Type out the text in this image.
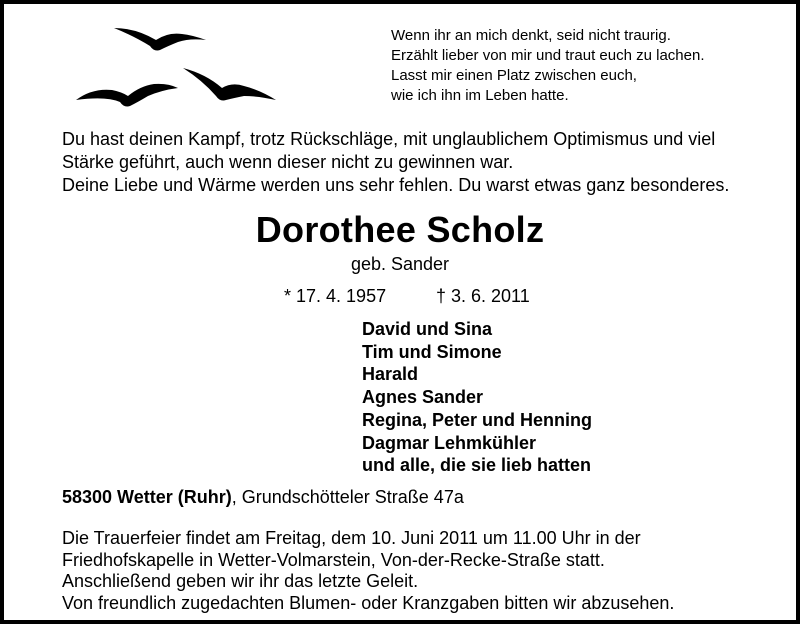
Wenn ihr an mich denkt, seid nicht traurig.
Erzählt lieber von mir und traut euch zu lachen.
Lasst mir einen Platz zwischen euch,
wie ich ihn im Leben hatte.
Du hast deinen Kampf, trotz Rückschläge, mit unglaublichem Optimismus und viel
Stärke geführt, auch wenn dieser nicht zu gewinnen war.
Deine Liebe und Wärme werden uns sehr fehlen. Du warst etwas ganz besonderes.
Dorothee Scholz
geb. Sander
* 17. 4. 1957	† 3. 6. 2011
David und Sina
Tim und Simone
Harald
Agnes Sander
Regina, Peter und Henning
Dagmar Lehmkühler
und alle, die sie lieb hatten
58300 Wetter (Ruhr), Grundschötteler Straße 47a
Die Trauerfeier findet am Freitag, dem 10. Juni 2011 um 11.00 Uhr in der
Friedhofskapelle in Wetter-Volmarstein, Von-der-Recke-Straße statt.
Anschließend geben wir ihr das letzte Geleit.
Von freundlich zugedachten Blumen- oder Kranzgaben bitten wir abzusehen.
